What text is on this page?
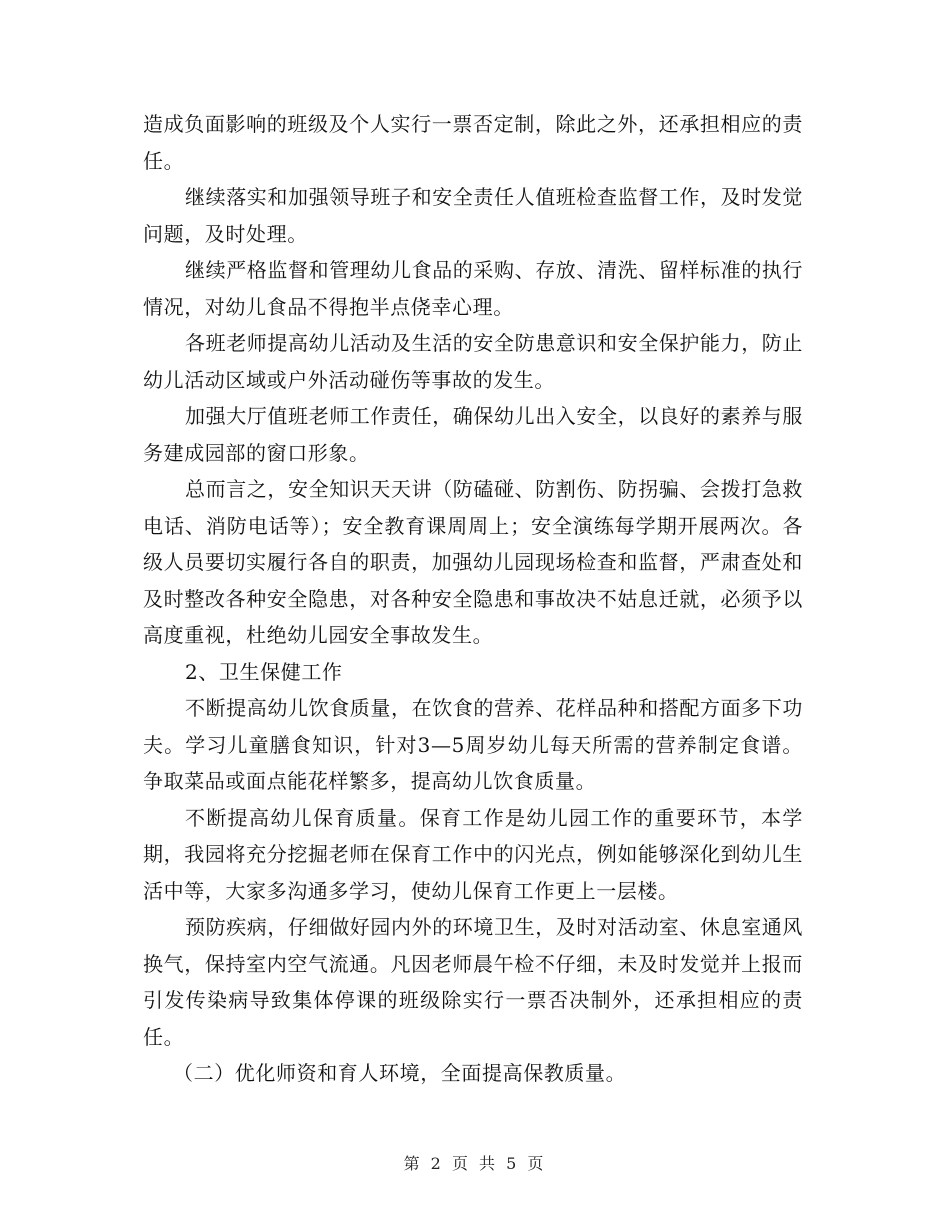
造成负面影响的班级及个人实行一票否定制，除此之外，还承担相应的责任。

继续落实和加强领导班子和安全责任人值班检查监督工作，及时发觉问题，及时处理。

继续严格监督和管理幼儿食品的采购、存放、清洗、留样标准的执行情况，对幼儿食品不得抱半点侥幸心理。

各班老师提高幼儿活动及生活的安全防患意识和安全保护能力，防止幼儿活动区域或户外活动碰伤等事故的发生。

加强大厅值班老师工作责任，确保幼儿出入安全，以良好的素养与服务建成园部的窗口形象。

总而言之，安全知识天天讲（防磕碰、防割伤、防拐骗、会拨打急救电话、消防电话等）；安全教育课周周上；安全演练每学期开展两次。各级人员要切实履行各自的职责，加强幼儿园现场检查和监督，严肃查处和及时整改各种安全隐患，对各种安全隐患和事故决不姑息迁就，必须予以高度重视，杜绝幼儿园安全事故发生。

2、卫生保健工作

不断提高幼儿饮食质量，在饮食的营养、花样品种和搭配方面多下功夫。学习儿童膳食知识，针对3—5周岁幼儿每天所需的营养制定食谱。争取菜品或面点能花样繁多，提高幼儿饮食质量。

不断提高幼儿保育质量。保育工作是幼儿园工作的重要环节，本学期，我园将充分挖掘老师在保育工作中的闪光点，例如能够深化到幼儿生活中等，大家多沟通多学习，使幼儿保育工作更上一层楼。

预防疾病，仔细做好园内外的环境卫生，及时对活动室、休息室通风换气，保持室内空气流通。凡因老师晨午检不仔细，未及时发觉并上报而引发传染病导致集体停课的班级除实行一票否决制外，还承担相应的责任。

（二）优化师资和育人环境，全面提高保教质量。

第 2 页 共 5 页
